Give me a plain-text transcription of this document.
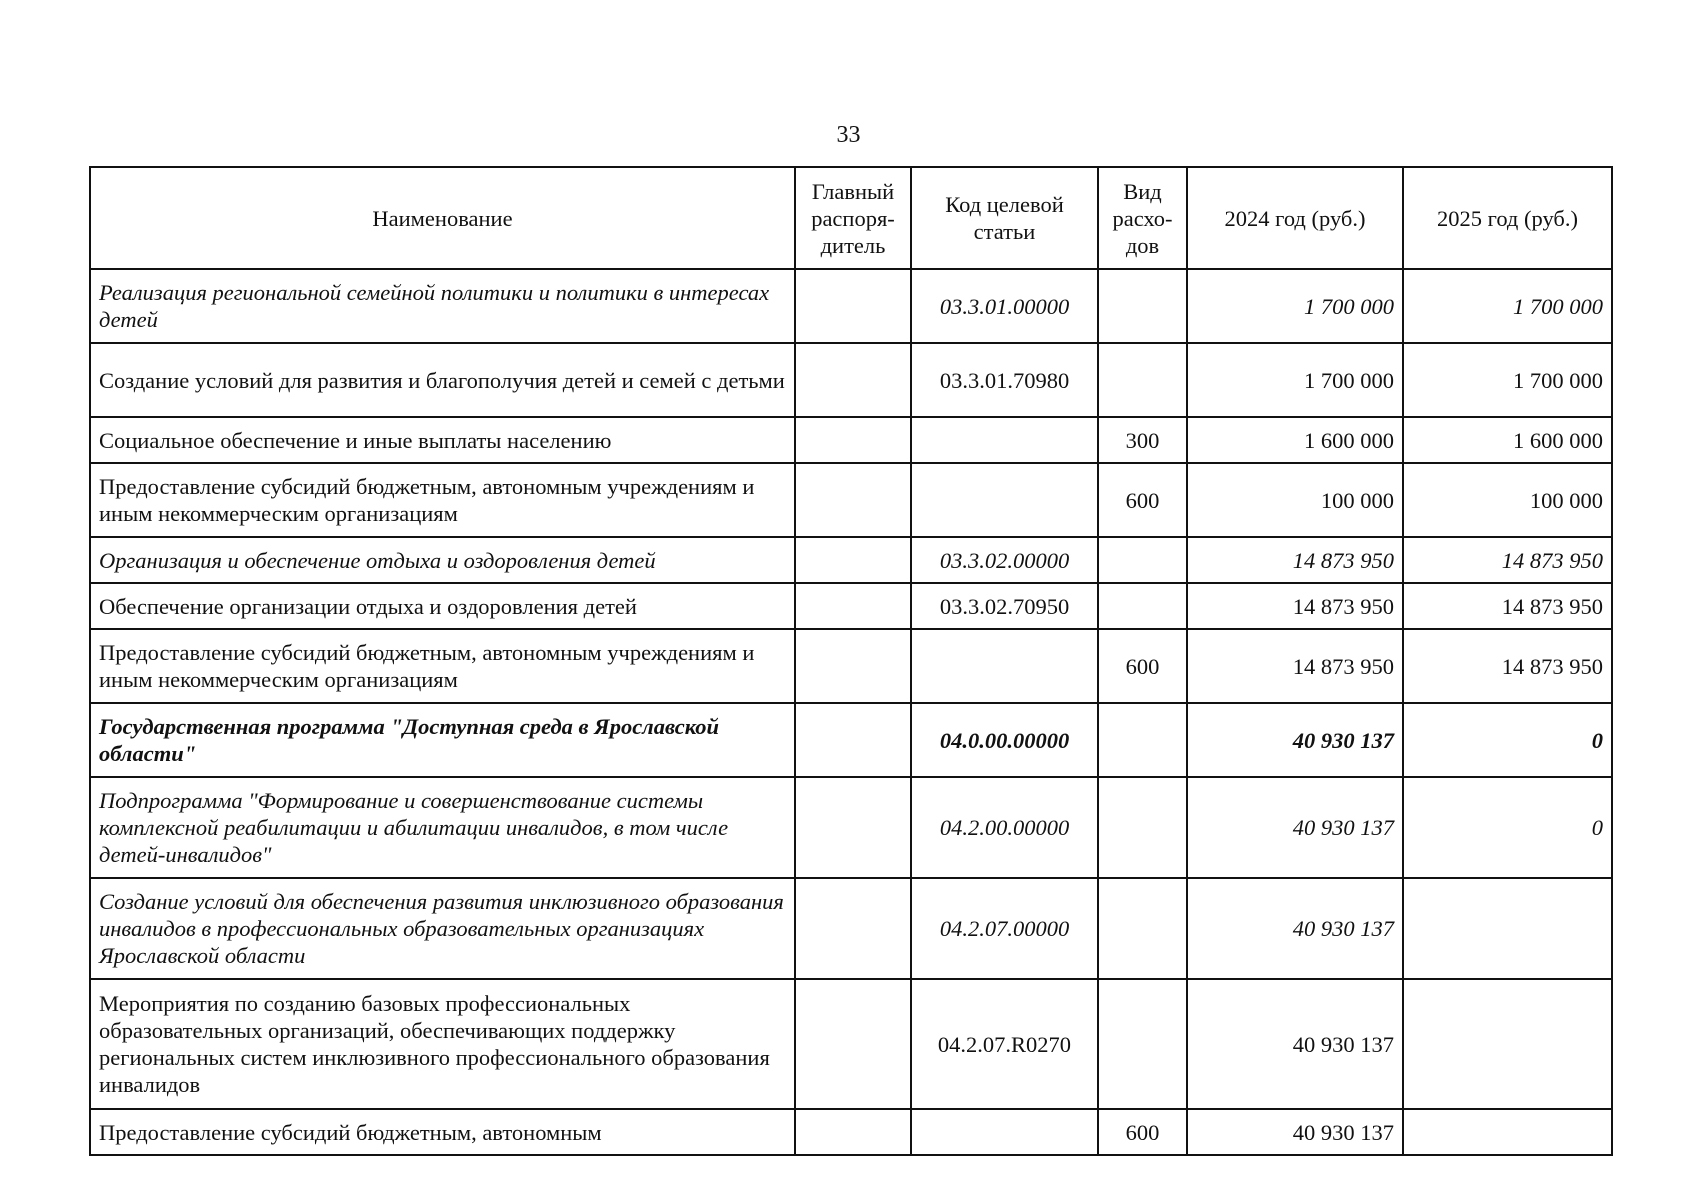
33
Наименование	Главный распоря-дитель	Код целевой статьи	Вид расхо-дов	2024 год (руб.)	2025 год (руб.)
Реализация региональной семейной политики и политики в интересах детей		03.3.01.00000		1 700 000	1 700 000
Создание условий для развития и благополучия детей и семей с детьми		03.3.01.70980		1 700 000	1 700 000
Социальное обеспечение и иные выплаты населению			300	1 600 000	1 600 000
Предоставление субсидий бюджетным, автономным учреждениям и иным некоммерческим организациям			600	100 000	100 000
Организация и обеспечение отдыха и оздоровления детей		03.3.02.00000		14 873 950	14 873 950
Обеспечение организации отдыха и оздоровления детей		03.3.02.70950		14 873 950	14 873 950
Предоставление субсидий бюджетным, автономным учреждениям и иным некоммерческим организациям			600	14 873 950	14 873 950
Государственная программа "Доступная среда в Ярославской области"		04.0.00.00000		40 930 137	0
Подпрограмма "Формирование и совершенствование системы комплексной реабилитации и абилитации инвалидов, в том числе детей-инвалидов"		04.2.00.00000		40 930 137	0
Создание условий для обеспечения развития инклюзивного образования инвалидов в профессиональных образовательных организациях Ярославской области		04.2.07.00000		40 930 137	
Мероприятия по созданию базовых профессиональных образовательных организаций, обеспечивающих поддержку региональных систем инклюзивного профессионального образования инвалидов		04.2.07.R0270		40 930 137	
Предоставление субсидий бюджетным, автономным			600	40 930 137	
